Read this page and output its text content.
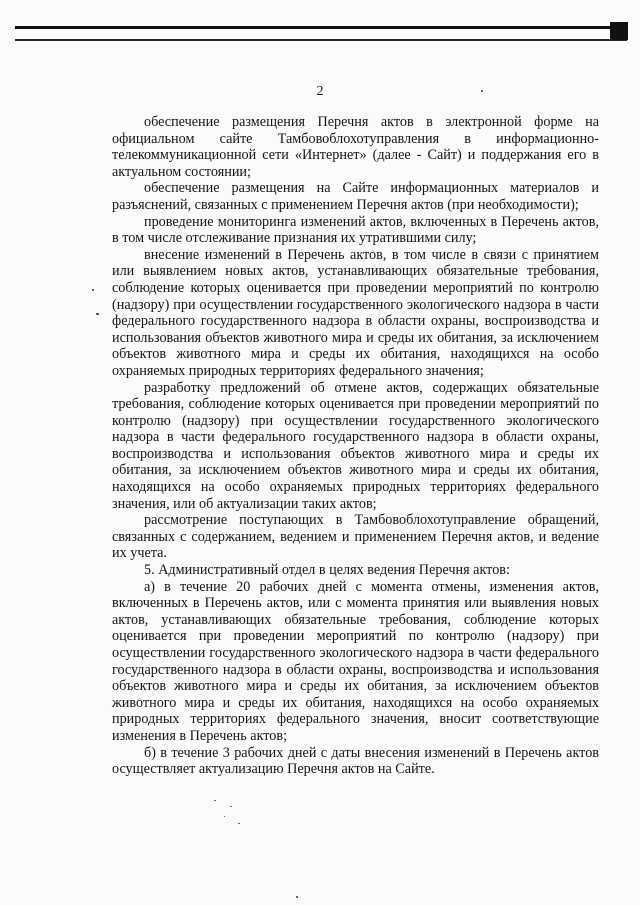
2

обеспечение размещения Перечня актов в электронной форме на официальном сайте Тамбовоблохотуправления в информационно-телекоммуникационной сети «Интернет» (далее - Сайт) и поддержания его в актуальном состоянии;

обеспечение размещения на Сайте информационных материалов и разъяснений, связанных с применением Перечня актов (при необходимости);

проведение мониторинга изменений актов, включенных в Перечень актов, в том числе отслеживание признания их утратившими силу;

внесение изменений в Перечень актов, в том числе в связи с принятием или выявлением новых актов, устанавливающих обязательные требования, соблюдение которых оценивается при проведении мероприятий по контролю (надзору) при осуществлении государственного экологического надзора в части федерального государственного надзора в области охраны, воспроизводства и использования объектов животного мира и среды их обитания, за исключением объектов животного мира и среды их обитания, находящихся на особо охраняемых природных территориях федерального значения;

разработку предложений об отмене актов, содержащих обязательные требования, соблюдение которых оценивается при проведении мероприятий по контролю (надзору) при осуществлении государственного экологического надзора в части федерального государственного надзора в области охраны, воспроизводства и использования объектов животного мира и среды их обитания, за исключением объектов животного мира и среды их обитания, находящихся на особо охраняемых природных территориях федерального значения, или об актуализации таких актов;

рассмотрение поступающих в Тамбовоблохотуправление обращений, связанных с содержанием, ведением и применением Перечня актов, и ведение их учета.

5. Административный отдел в целях ведения Перечня актов:

а) в течение 20 рабочих дней с момента отмены, изменения актов, включенных в Перечень актов, или с момента принятия или выявления новых актов, устанавливающих обязательные требования, соблюдение которых оценивается при проведении мероприятий по контролю (надзору) при осуществлении государственного экологического надзора в части федерального государственного надзора в области охраны, воспроизводства и использования объектов животного мира и среды их обитания, за исключением объектов животного мира и среды их обитания, находящихся на особо охраняемых природных территориях федерального значения, вносит соответствующие изменения в Перечень актов;

б) в течение 3 рабочих дней с даты внесения изменений в Перечень актов осуществляет актуализацию Перечня актов на Сайте.
